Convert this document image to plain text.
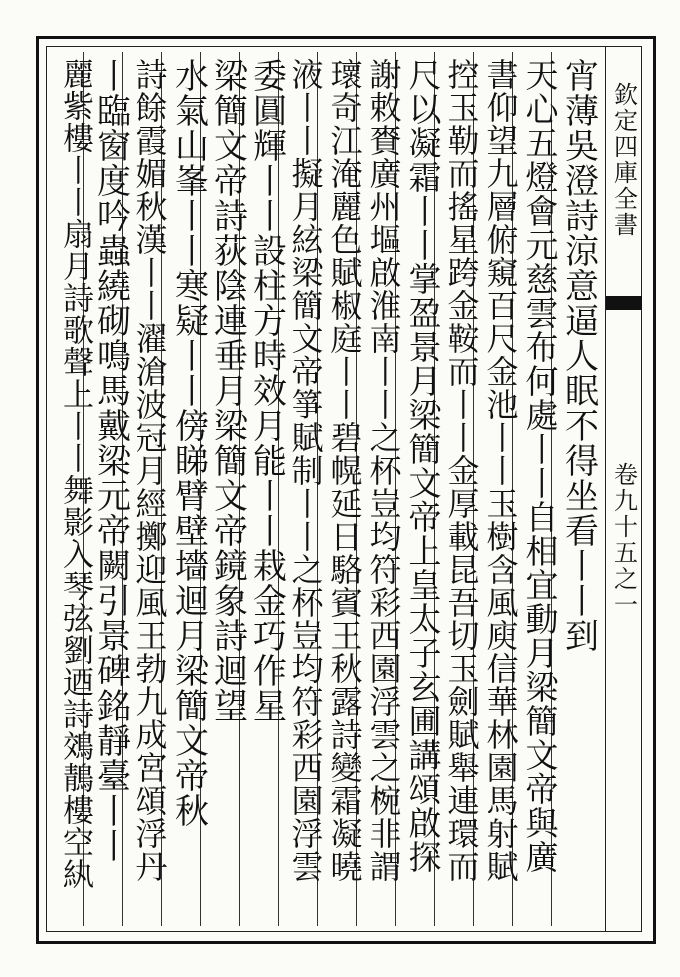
欽定四庫全書
卷九十五之一
宵薄吳澄詩涼意逼人眠不得坐看丨丨到
天心五燈會元慈雲布何處丨丨自相宜動月梁簡文帝與廣
書仰望九層俯窺百尺金池丨丨玉樹含風庾信華林園馬射賦
控玉勒而搖星跨金鞍而丨丨金厚載昆吾切玉劍賦舉連環而
尺以凝霜丨丨掌盈景月梁簡文帝上皇太子玄圃講頌啟探
謝敕賚廣州塸啟淮南丨丨之杯豈均符彩西園浮雲之椀非謂
瓌奇江淹麗色賦椒庭丨丨碧幌延日駱賓王秋露詩變霜凝曉
液丨丨擬月絃梁簡文帝箏賦制丨丨之杯豈均符彩西園浮雲
委圓輝丨丨設柱方時效月能丨丨栽金巧作星
梁簡文帝詩荻陰連垂月梁簡文帝鏡象詩迴望
水氣山峯丨丨寒疑丨丨傍睇臂壁墻迴月梁簡文帝秋
詩餘霞媚秋漢丨丨濯滄波冠月經擲迎風王勃九成宮頌浮丹
丨臨窗度吟蟲繞砌鳴馬戴梁元帝闕引景碑銘靜臺丨丨
麗紫樓丨丨扇月詩歌聲上丨丨舞影入琴弦劉迺詩鵁鶄樓空紈
